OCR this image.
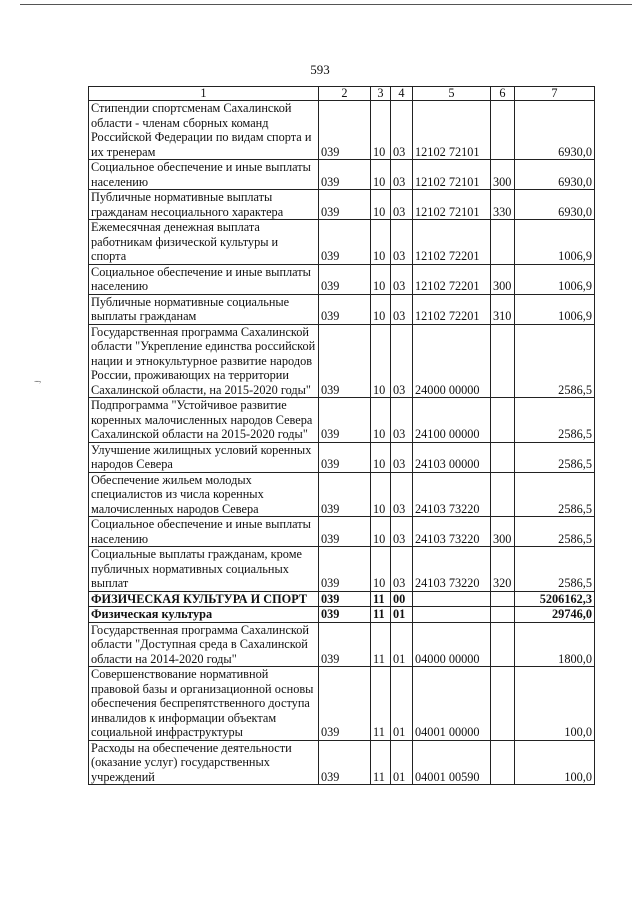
593
1	2	3	4	5	6	7
Стипендии спортсменам Сахалинской области - членам сборных команд Российской Федерации по видам спорта и их тренерам	039	10	03	12102 72101		6930,0
Социальное обеспечение и иные выплаты населению	039	10	03	12102 72101	300	6930,0
Публичные нормативные выплаты гражданам несоциального характера	039	10	03	12102 72101	330	6930,0
Ежемесячная денежная выплата работникам физической культуры и спорта	039	10	03	12102 72201		1006,9
Социальное обеспечение и иные выплаты населению	039	10	03	12102 72201	300	1006,9
Публичные нормативные социальные выплаты гражданам	039	10	03	12102 72201	310	1006,9
Государственная программа Сахалинской области "Укрепление единства российской нации и этнокультурное развитие народов России, проживающих на территории Сахалинской области, на 2015-2020 годы"	039	10	03	24000 00000		2586,5
Подпрограмма "Устойчивое развитие коренных малочисленных народов Севера Сахалинской области на 2015-2020 годы"	039	10	03	24100 00000		2586,5
Улучшение жилищных условий коренных народов Севера	039	10	03	24103 00000		2586,5
Обеспечение жильем молодых специалистов из числа коренных малочисленных народов Севера	039	10	03	24103 73220		2586,5
Социальное обеспечение и иные выплаты населению	039	10	03	24103 73220	300	2586,5
Социальные выплаты гражданам, кроме публичных нормативных социальных выплат	039	10	03	24103 73220	320	2586,5
ФИЗИЧЕСКАЯ КУЛЬТУРА И СПОРТ	039	11	00			5206162,3
Физическая культура	039	11	01			29746,0
Государственная программа Сахалинской области "Доступная среда в Сахалинской области на 2014-2020 годы"	039	11	01	04000 00000		1800,0
Совершенствование нормативной правовой базы и организационной основы обеспечения беспрепятственного доступа инвалидов к информации объектам социальной инфраструктуры	039	11	01	04001 00000		100,0
Расходы на обеспечение деятельности (оказание услуг) государственных учреждений	039	11	01	04001 00590		100,0
....,
